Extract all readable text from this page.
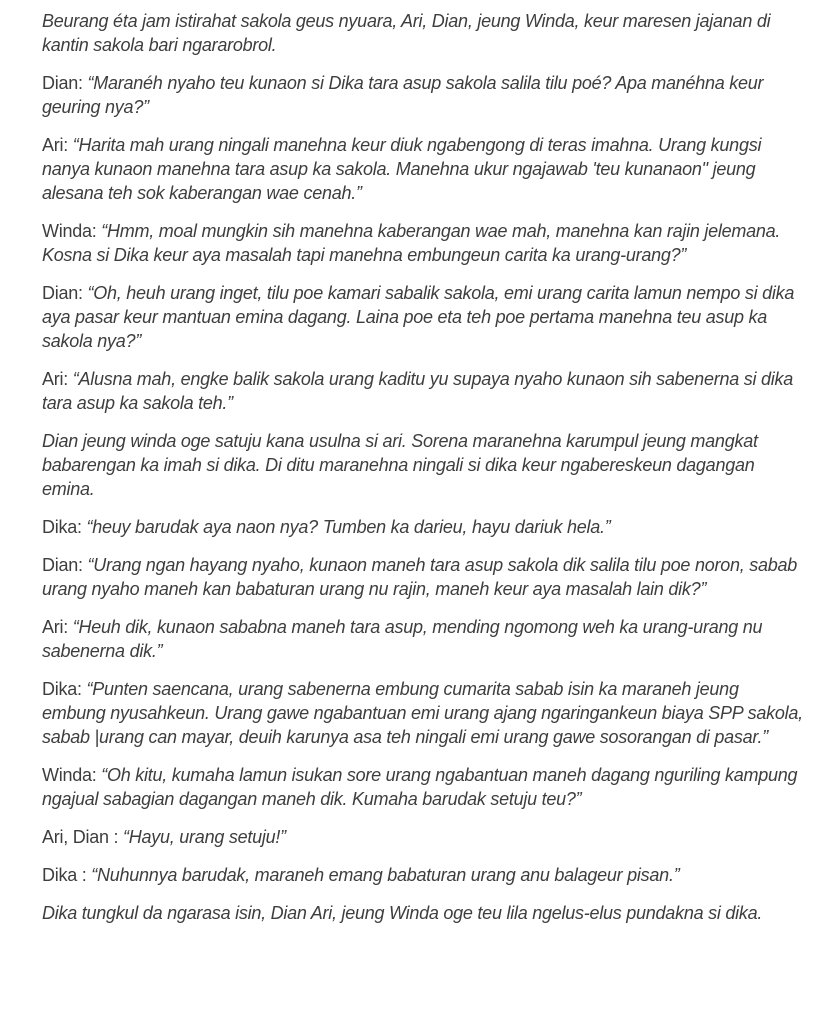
Beurang éta jam istirahat sakola geus nyuara, Ari, Dian, jeung Winda, keur maresen jajanan di kantin sakola bari ngararobrol.

Dian: “Maranéh nyaho teu kunaon si Dika tara asup sakola salila tilu poé? Apa manéhna keur geuring nya?”

Ari: “Harita mah urang ningali manehna keur diuk ngabengong di teras imahna. Urang kungsi nanya kunaon manehna tara asup ka sakola. Manehna ukur ngajawab 'teu kunanaon" jeung alesana teh sok kaberangan wae cenah.”

Winda: “Hmm, moal mungkin sih manehna kaberangan wae mah, manehna kan rajin jelemana. Kosna si Dika keur aya masalah tapi manehna embungeun carita ka urang-urang?”

Dian: “Oh, heuh urang inget, tilu poe kamari sabalik sakola, emi urang carita lamun nempo si dika aya pasar keur mantuan emina dagang. Laina poe eta teh poe pertama manehna teu asup ka sakola nya?”

Ari: “Alusna mah, engke balik sakola urang kaditu yu supaya nyaho kunaon sih sabenerna si dika tara asup ka sakola teh.”

Dian jeung winda oge satuju kana usulna si ari. Sorena maranehna karumpul jeung mangkat babarengan ka imah si dika. Di ditu maranehna ningali si dika keur ngabereskeun dagangan emina.

Dika: “heuy barudak aya naon nya? Tumben ka darieu, hayu dariuk hela.”

Dian: “Urang ngan hayang nyaho, kunaon maneh tara asup sakola dik salila tilu poe noron, sabab urang nyaho maneh kan babaturan urang nu rajin, maneh keur aya masalah lain dik?”

Ari: “Heuh dik, kunaon sababna maneh tara asup, mending ngomong weh ka urang-urang nu sabenerna dik.”

Dika: “Punten saencana, urang sabenerna embung cumarita sabab isin ka maraneh jeung embung nyusahkeun. Urang gawe ngabantuan emi urang ajang ngaringankeun biaya SPP sakola, sabab |urang can mayar, deuih karunya asa teh ningali emi urang gawe sosorangan di pasar.”

Winda: “Oh kitu, kumaha lamun isukan sore urang ngabantuan maneh dagang nguriling kampung ngajual sabagian dagangan maneh dik. Kumaha barudak setuju teu?”

Ari, Dian : “Hayu, urang setuju!”

Dika : “Nuhunnya barudak, maraneh emang babaturan urang anu balageur pisan.”

Dika tungkul da ngarasa isin, Dian Ari, jeung Winda oge teu lila ngelus-elus pundakna si dika.
